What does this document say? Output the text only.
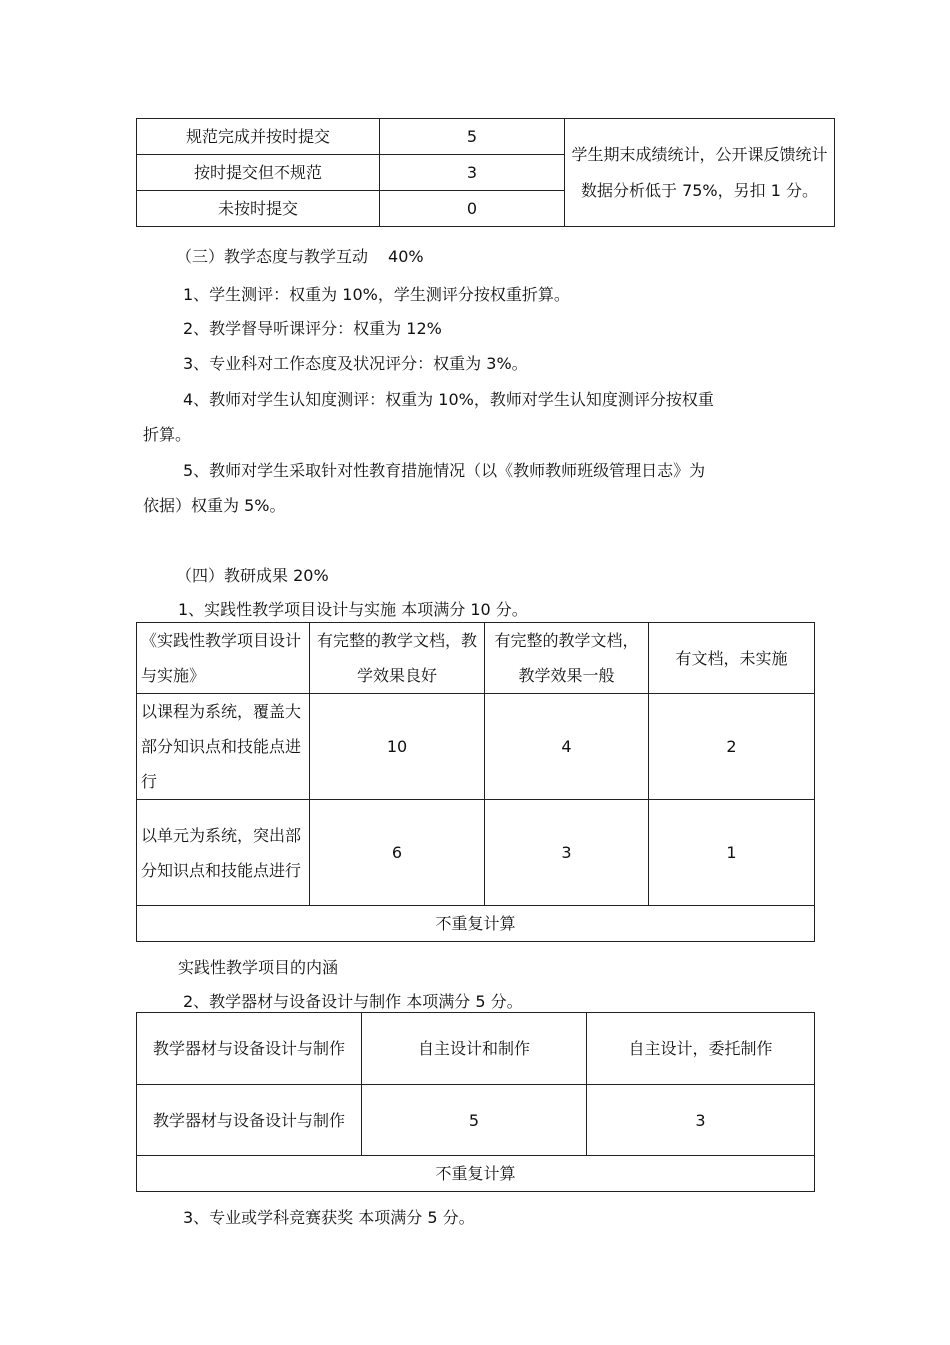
规范完成并按时提交	5	学生期末成绩统计，公开课反馈统计数据分析低于 75%，另扣 1 分。
按时提交但不规范	3	
未按时提交	0	
（三）教学态度与教学互动 40%
1、学生测评：权重为 10%，学生测评分按权重折算。
2、教学督导听课评分：权重为 12%
3、专业科对工作态度及状况评分：权重为 3%。
4、教师对学生认知度测评：权重为 10%，教师对学生认知度测评分按权重
折算。
5、教师对学生采取针对性教育措施情况（以《教师教师班级管理日志》为
依据）权重为 5%。
（四）教研成果 20%
1、实践性教学项目设计与实施 本项满分 10 分。
《实践性教学项目设计与实施》	有完整的教学文档，教学效果良好	有完整的教学文档，教学效果一般	有文档，未实施
以课程为系统，覆盖大部分知识点和技能点进行	10	4	2
以单元为系统，突出部分知识点和技能点进行	6	3	1
不重复计算			
实践性教学项目的内涵
2、教学器材与设备设计与制作 本项满分 5 分。
教学器材与设备设计与制作	自主设计和制作	自主设计，委托制作
教学器材与设备设计与制作	5	3
不重复计算		
3、专业或学科竞赛获奖 本项满分 5 分。
